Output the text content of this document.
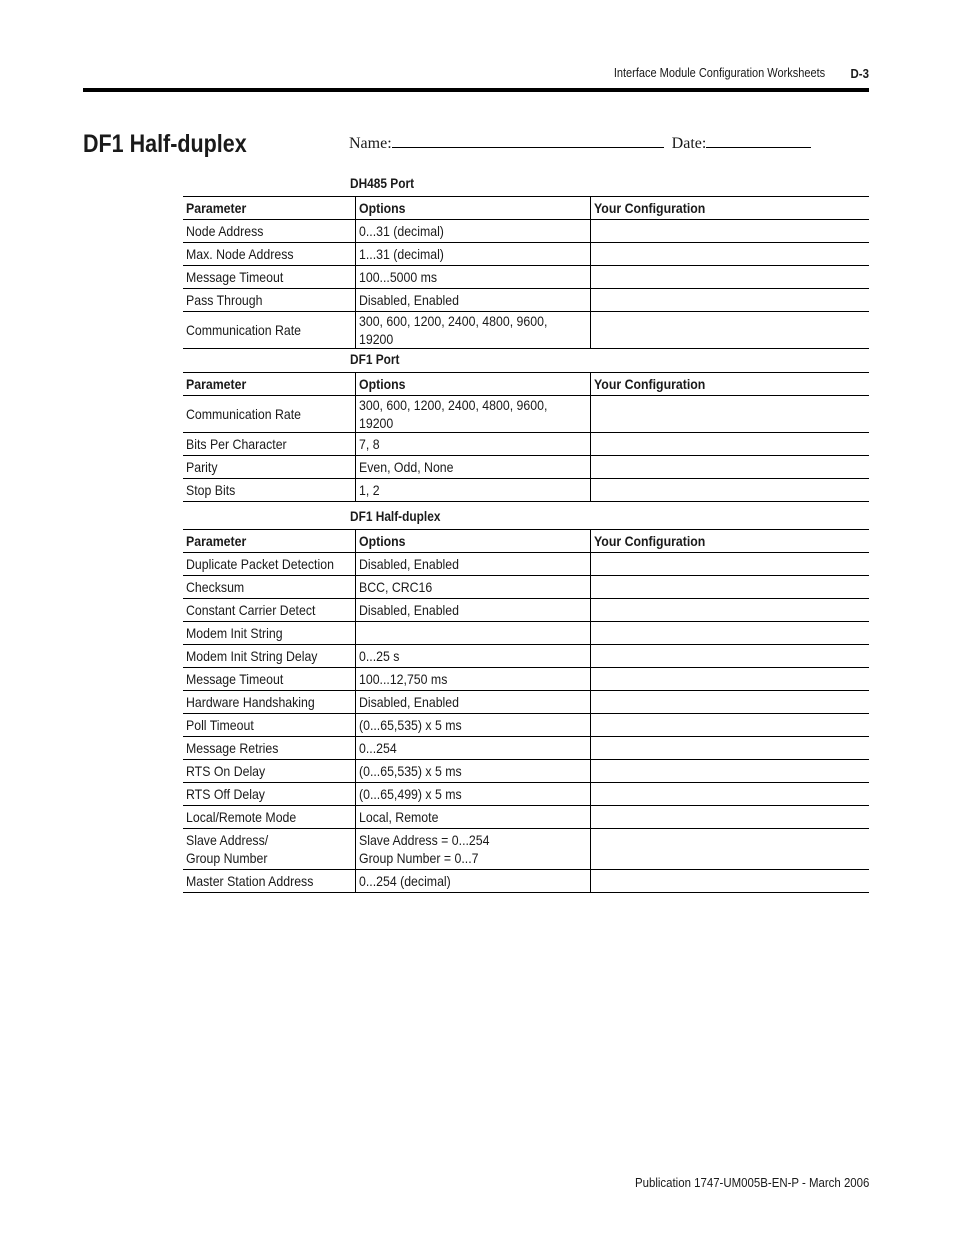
Interface Module Configuration Worksheets D-3
DF1 Half-duplex	Name:	Date:
DH485 Port
Parameter	Options	Your Configuration
Node Address	0...31 (decimal)	
Max. Node Address	1...31 (decimal)	
Message Timeout	100...5000 ms	
Pass Through	Disabled, Enabled	
Communication Rate	300, 600, 1200, 2400, 4800, 9600, 19200	
DF1 Port
Parameter	Options	Your Configuration
Communication Rate	300, 600, 1200, 2400, 4800, 9600, 19200	
Bits Per Character	7, 8	
Parity	Even, Odd, None	
Stop Bits	1, 2	
DF1 Half-duplex
Parameter	Options	Your Configuration
Duplicate Packet Detection	Disabled, Enabled	
Checksum	BCC, CRC16	
Constant Carrier Detect	Disabled, Enabled	
Modem Init String		
Modem Init String Delay	0...25 s	
Message Timeout	100...12,750 ms	
Hardware Handshaking	Disabled, Enabled	
Poll Timeout	(0...65,535) x 5 ms	
Message Retries	0...254	
RTS On Delay	(0...65,535) x 5 ms	
RTS Off Delay	(0...65,499) x 5 ms	
Local/Remote Mode	Local, Remote	
Slave Address/
Group Number	Slave Address = 0...254
Group Number = 0...7	
Master Station Address	0...254 (decimal)	
Publication 1747-UM005B-EN-P - March 2006
